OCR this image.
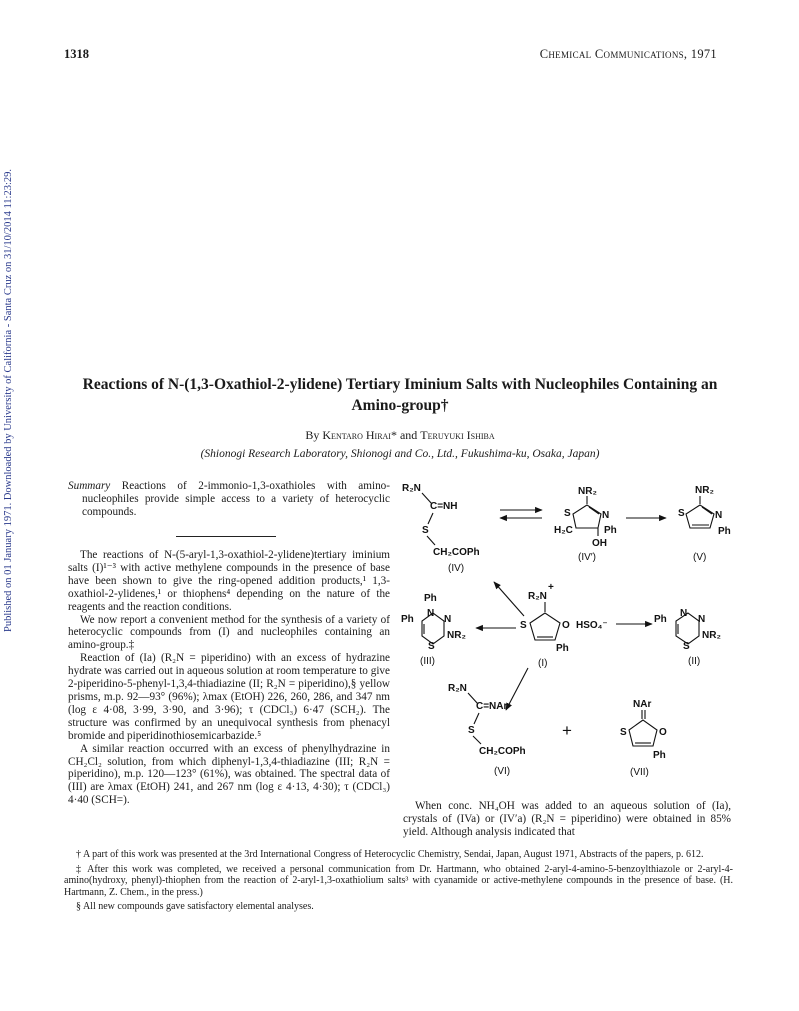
Published on 01 January 1971. Downloaded by University of California - Santa Cruz on 31/10/2014 11:23:29.
1318	Chemical Communications, 1971
Reactions of N-(1,3-Oxathiol-2-ylidene) Tertiary Iminium Salts with Nucleophiles Containing an Amino-group†
By Kentaro Hirai* and Teruyuki Ishiba
(Shionogi Research Laboratory, Shionogi and Co., Ltd., Fukushima-ku, Osaka, Japan)

Summary Reactions of 2-immonio-1,3-oxathioles with amino-nucleophiles provide simple access to a variety of heterocyclic compounds.

The reactions of N-(5-aryl-1,3-oxathiol-2-ylidene)tertiary iminium salts (I)¹⁻³ with active methylene compounds in the presence of base have been shown to give the ring-opened addition products,¹ 1,3-oxathiol-2-ylidenes,¹ or thiophens⁴ depending on the nature of the reagents and the reaction conditions.

We now report a convenient method for the synthesis of a variety of heterocyclic compounds from (I) and nucleophiles containing an amino-group.‡

Reaction of (Ia) (R₂N = piperidino) with an excess of hydrazine hydrate was carried out in aqueous solution at room temperature to give 2-piperidino-5-phenyl-1,3,4-thiadiazine (II; R₂N = piperidino),§ yellow prisms, m.p. 92—93° (96%); λmax (EtOH) 226, 260, 286, and 347 nm (log ε 4·08, 3·99, 3·90, and 3·96); τ (CDCl₃) 6·47 (SCH₂). The structure was confirmed by an unequivocal synthesis from phenacyl bromide and piperidinothiosemicarbazide.⁵

A similar reaction occurred with an excess of phenylhydrazine in CH₂Cl₂ solution, from which diphenyl-1,3,4-thiadiazine (III; R₂N = piperidino), m.p. 120—123° (61%), was obtained. The spectral data of (III) are λmax (EtOH) 241, and 267 nm (log ε 4·13, 4·30); τ (CDCl₃) 4·40 (SCH=).	When conc. NH₄OH was added to an aqueous solution of (Ia), crystals of (IVa) or (IV′a) (R₂N = piperidino) were obtained in 85% yield. Although analysis indicated that

† A part of this work was presented at the 3rd International Congress of Heterocyclic Chemistry, Sendai, Japan, August 1971, Abstracts of the papers, p. 612.

‡ After this work was completed, we received a personal communication from Dr. Hartmann, who obtained 2-aryl-4-amino-5-benzoylthiazole or 2-aryl-4-amino(hydroxy, phenyl)-thiophen from the reaction of 2-aryl-1,3-oxathiolium salts³ with cyanamide or active-methylene compounds in the presence of base. (H. Hartmann, Z. Chem., in the press.)

§ All new compounds gave satisfactory elemental analyses.

R₂N
C=NH
S
CH₂COPh
(IV)
NR₂
S	N
H₂C	Ph
OH
(IV′)
NR₂
S	N
Ph
(V)
Ph
Ph
N
N
S
NR₂
(III)
R₂N
+
S	O
Ph
HSO₄⁻
(I)
Ph
N
N
S
NR₂
(II)
R₂N
C=NAr
S
CH₂COPh
(VI)
+
NAr
S	O
Ph
(VII)
